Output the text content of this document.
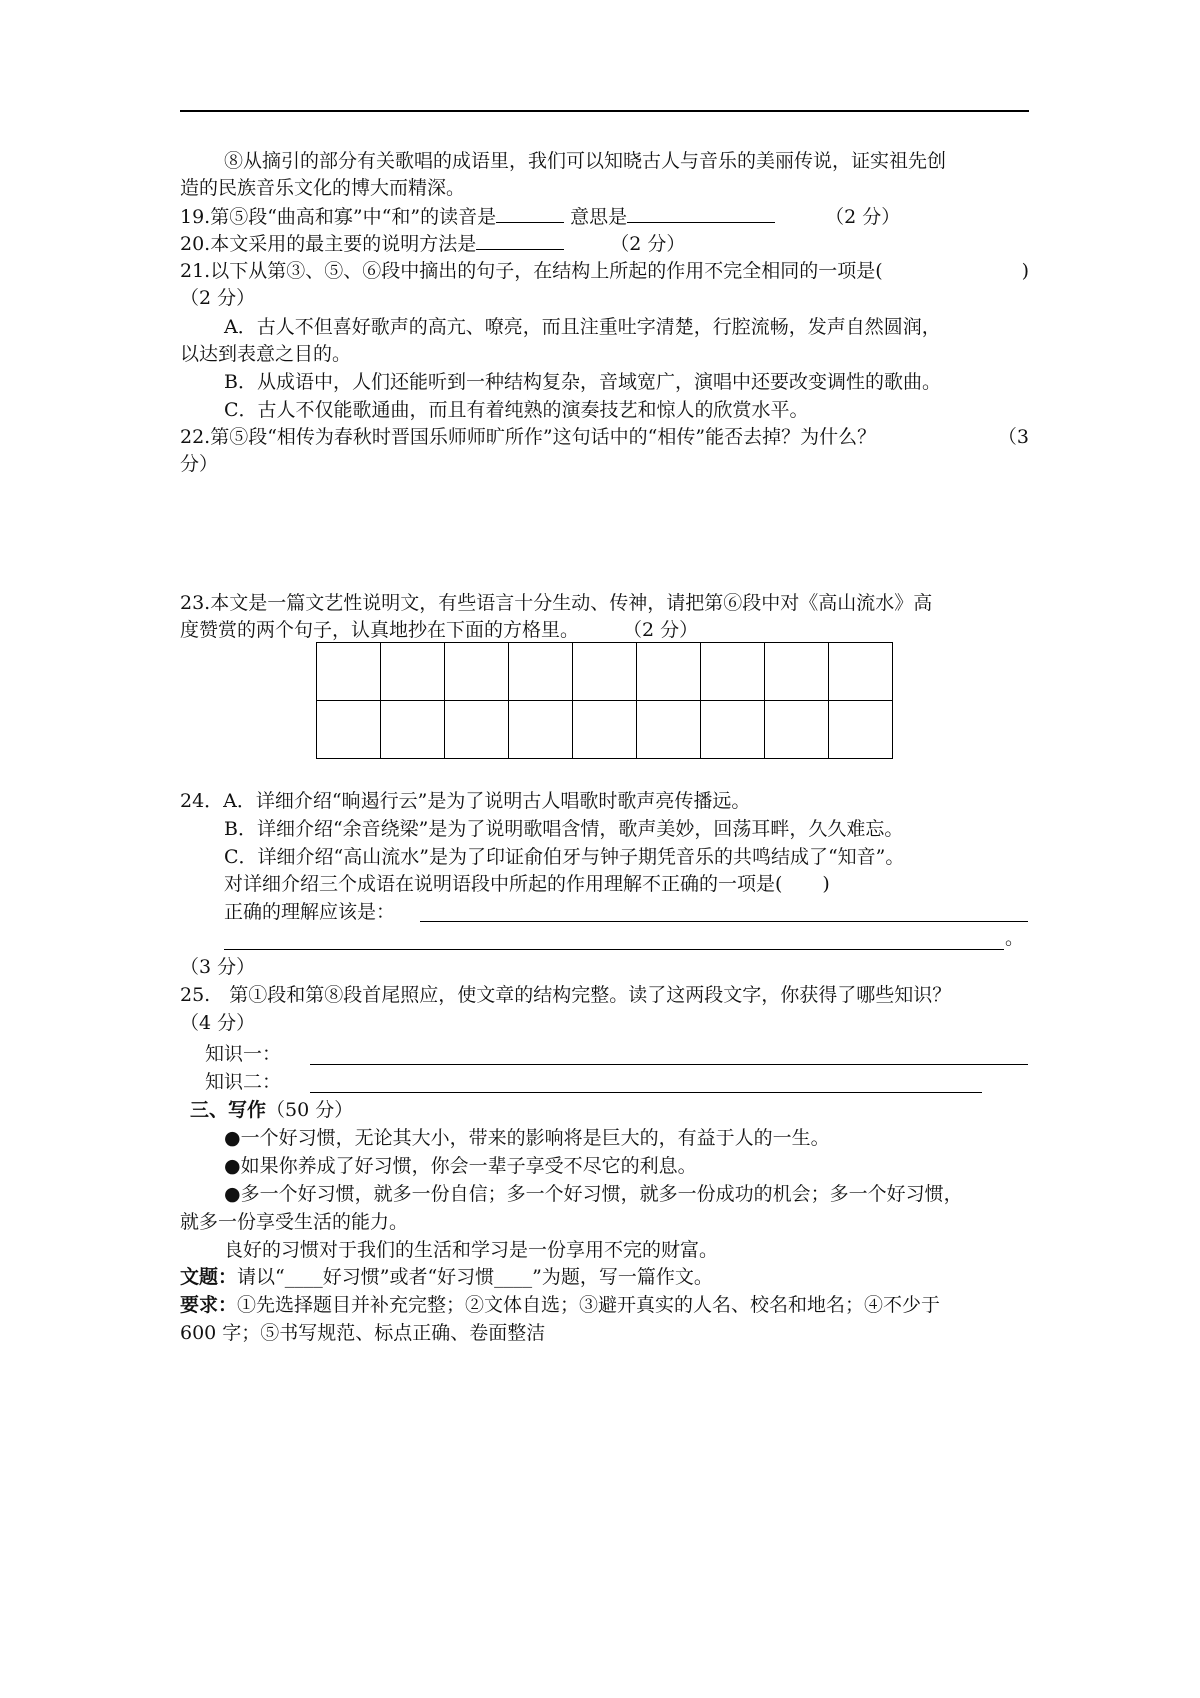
⑧从摘引的部分有关歌唱的成语里，我们可以知晓古人与音乐的美丽传说，证实祖先创
造的民族音乐文化的博大而精深。
19.第⑤段“曲高和寡”中“和”的读音是	意思是	（2 分）
20.本文采用的最主要的说明方法是	（2 分）
21.以下从第③、⑤、⑥段中摘出的句子，在结构上所起的作用不完全相同的一项是(	)
（2 分）
A．古人不但喜好歌声的高亢、嘹亮，而且注重吐字清楚，行腔流畅，发声自然圆润，
以达到表意之目的。
B．从成语中，人们还能听到一种结构复杂，音域宽广，演唱中还要改变调性的歌曲。
C．古人不仅能歌通曲，而且有着纯熟的演奏技艺和惊人的欣赏水平。
22.第⑤段“相传为春秋时晋国乐师师旷所作”这句话中的“相传”能否去掉？为什么？	（3
分）
23.本文是一篇文艺性说明文，有些语言十分生动、传神，请把第⑥段中对《高山流水》高
度赞赏的两个句子，认真地抄在下面的方格里。 （2 分）

24．A．详细介绍“晌遏行云”是为了说明古人唱歌时歌声亮传播远。
B．详细介绍“余音绕梁”是为了说明歌唱含情，歌声美妙，回荡耳畔，久久难忘。
C．详细介绍“高山流水”是为了印证俞伯牙与钟子期凭音乐的共鸣结成了“知音”。
对详细介绍三个成语在说明语段中所起的作用理解不正确的一项是( )
正确的理解应该是：
。
（3 分）
25.　第①段和第⑧段首尾照应，使文章的结构完整。读了这两段文字，你获得了哪些知识？
（4 分）
知识一：
知识二：
三、写作（50 分）
●一个好习惯，无论其大小，带来的影响将是巨大的，有益于人的一生。
●如果你养成了好习惯，你会一辈子享受不尽它的利息。
●多一个好习惯，就多一份自信；多一个好习惯，就多一份成功的机会；多一个好习惯，
就多一份享受生活的能力。
良好的习惯对于我们的生活和学习是一份享用不完的财富。
文题：请以“____好习惯”或者“好习惯____”为题，写一篇作文。
要求：①先选择题目并补充完整；②文体自选；③避开真实的人名、校名和地名；④不少于
600 字；⑤书写规范、标点正确、卷面整洁
